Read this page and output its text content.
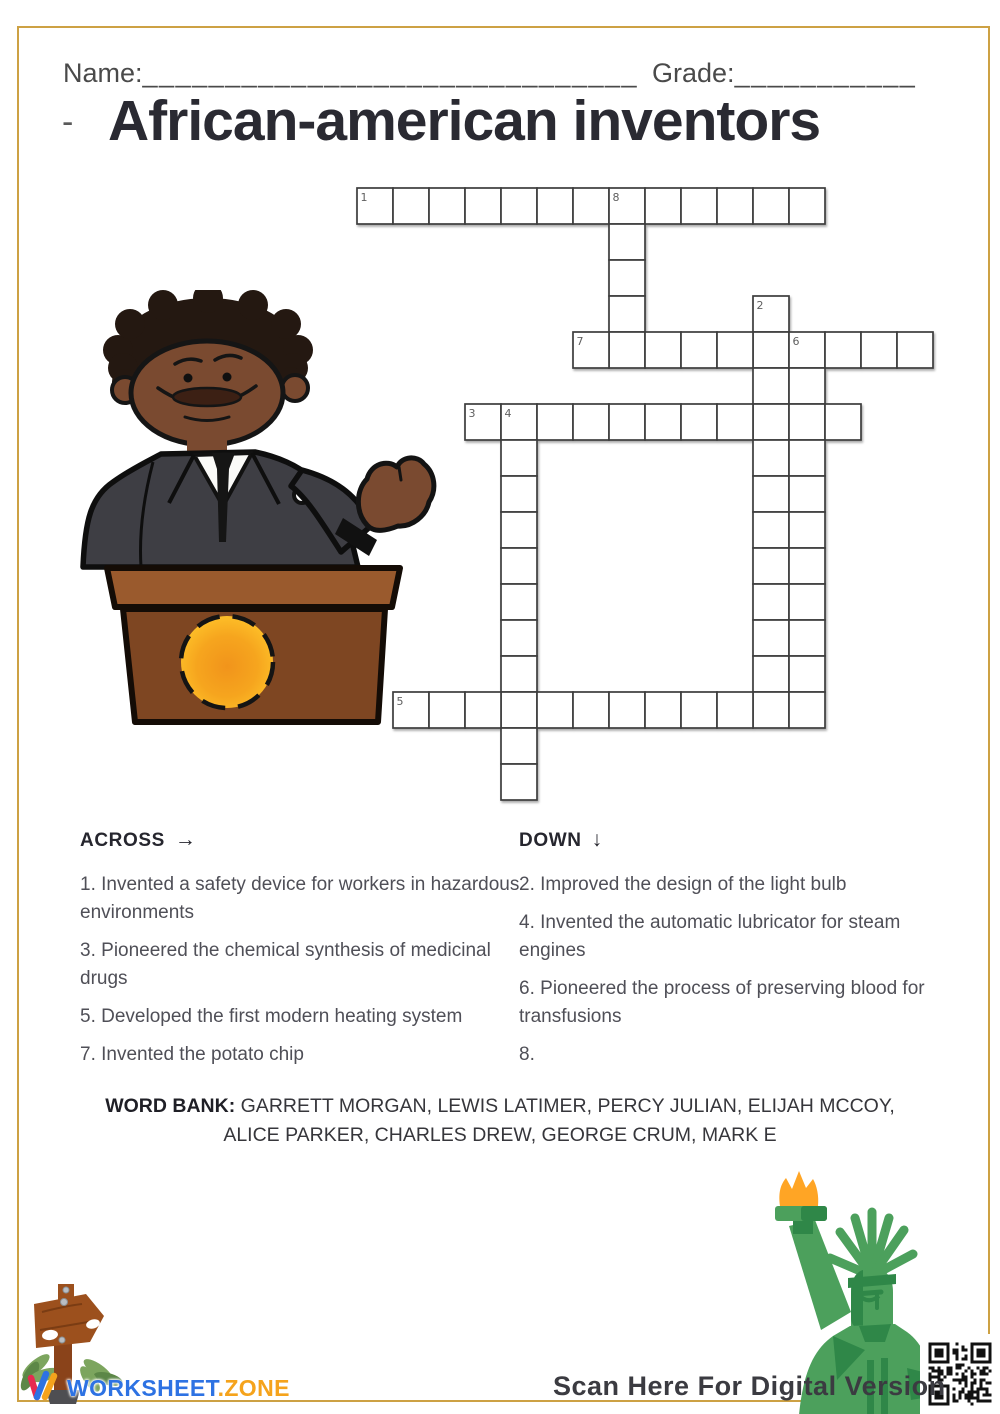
Name: ______________________________ Grade: ___________
- African-american inventors
1	8
2
7	6
3	4
5

ACROSS →

1. Invented a safety device for workers in hazardous environments

3. Pioneered the chemical synthesis of medicinal drugs

5. Developed the first modern heating system

7. Invented the potato chip

DOWN ↓

2. Improved the design of the light bulb

4. Invented the automatic lubricator for steam engines

6. Pioneered the process of preserving blood for transfusions

8.

WORD BANK: GARRETT MORGAN, LEWIS LATIMER, PERCY JULIAN, ELIJAH MCCOY, ALICE PARKER, CHARLES DREW, GEORGE CRUM, MARK E
WORKSHEET.ZONE	Scan Here For Digital Version
